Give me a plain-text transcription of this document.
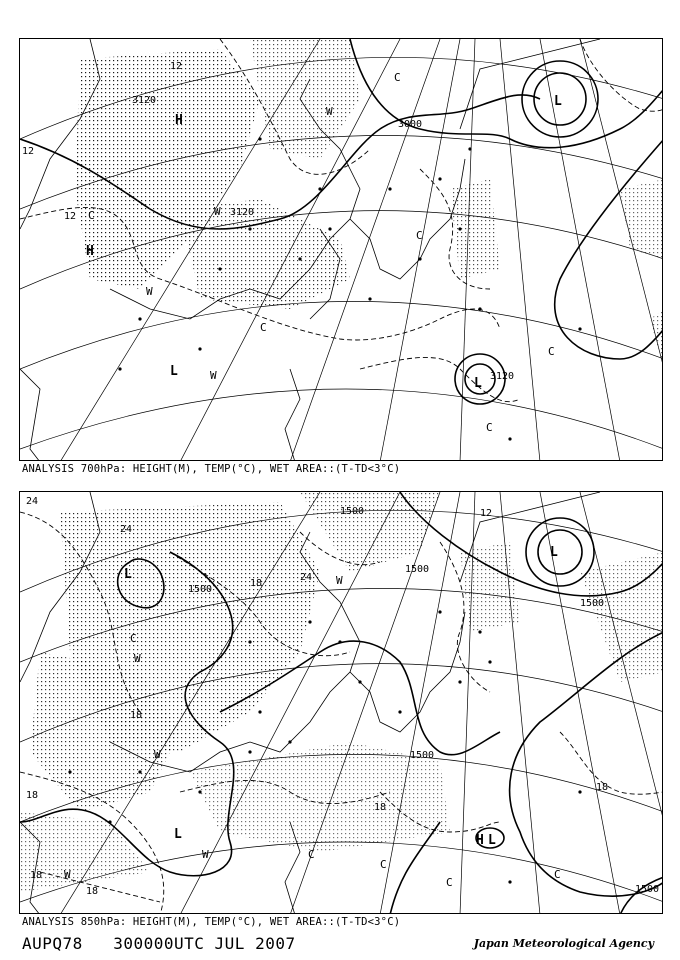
3120
3000
3120
3120
12
12
12
H
H
L
L
L
W
W
W
C
C
C
C
C
C
W
ANALYSIS 700hPa: HEIGHT(M), TEMP(°C), WET AREA::(T-TD<3°C)
1500
1500
1500
1500
1500
1500
24
24
18
18
18
18
18
18
12
18
24
L
L
L
H L
W
W
W
W
C
C
C
C
C
W
ANALYSIS 850hPa: HEIGHT(M), TEMP(°C), WET AREA::(T-TD<3°C)
AUPQ78 300000UTC JUL 2007	Japan Meteorological Agency
